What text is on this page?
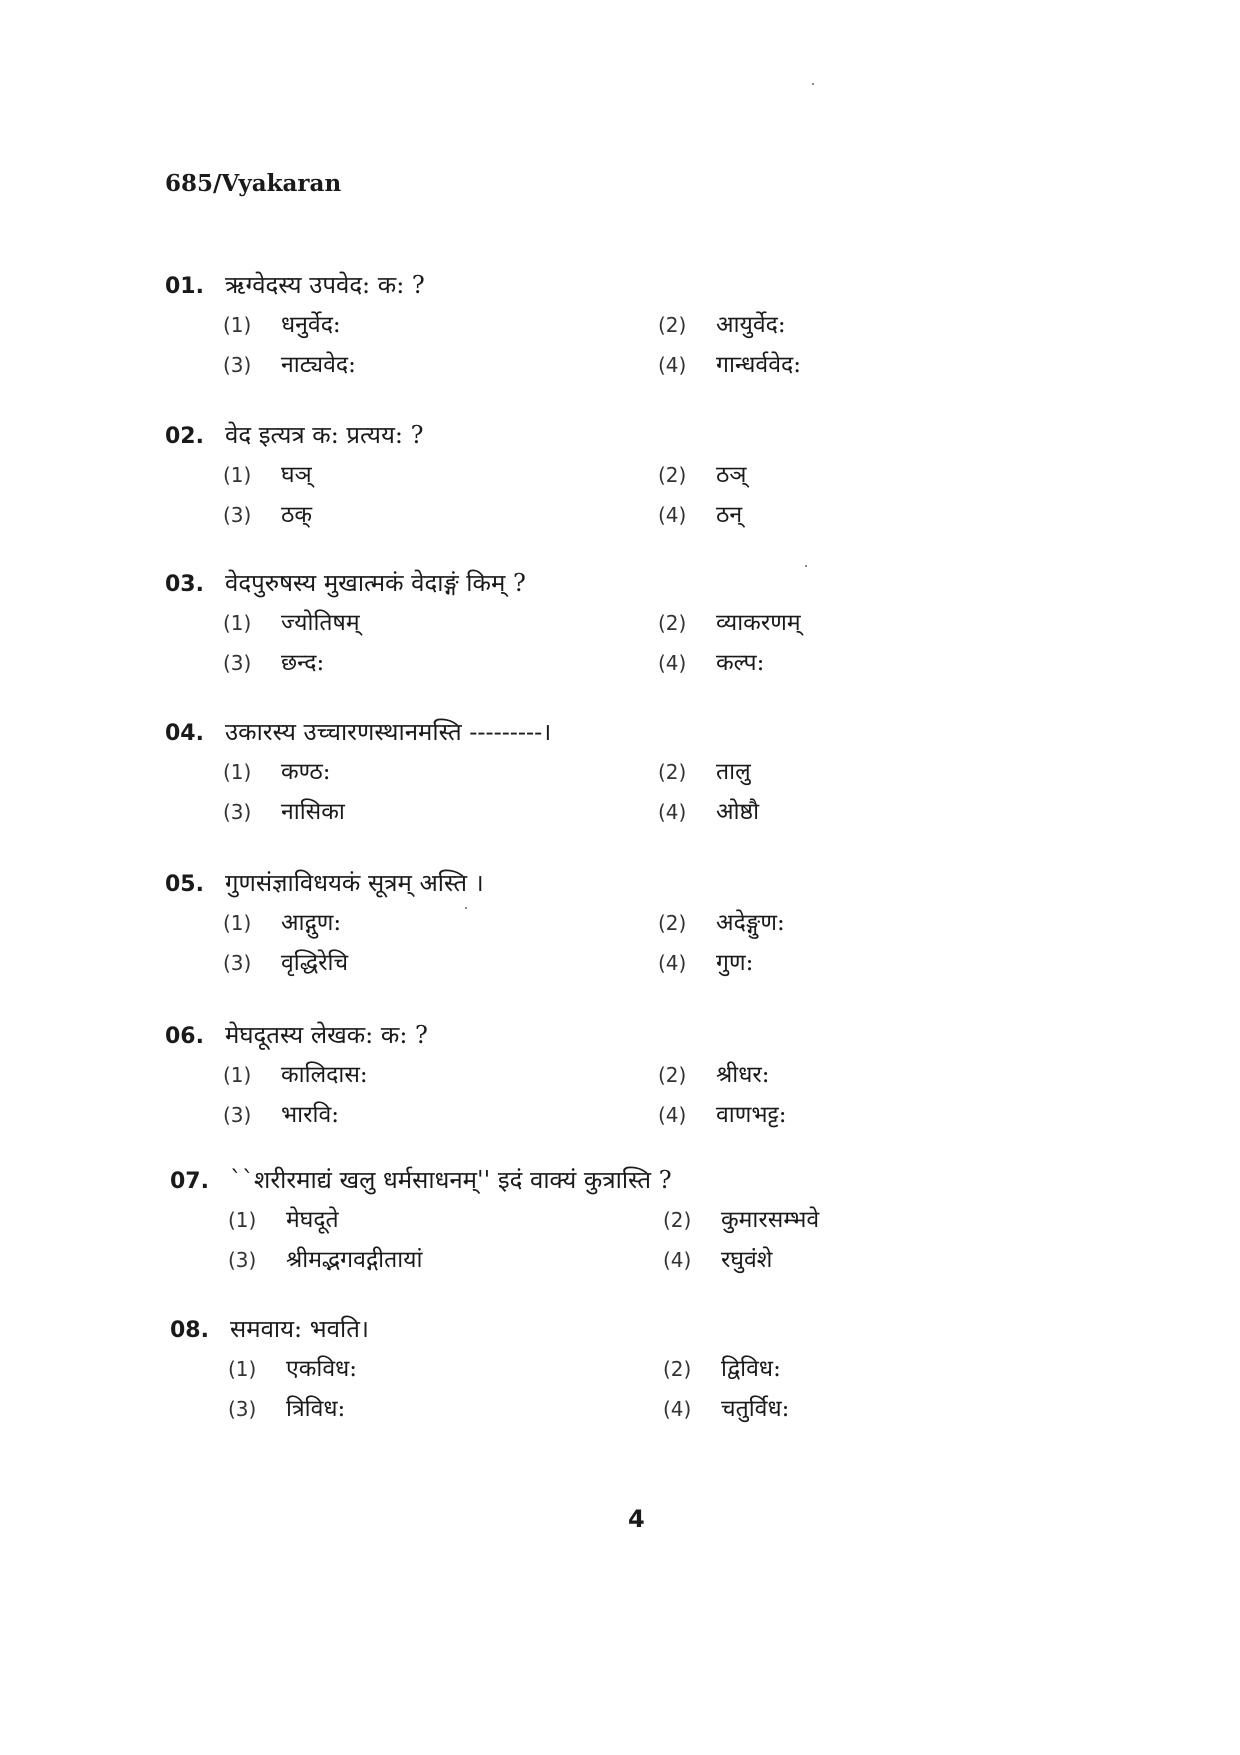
685/Vyakaran
01. ऋग्वेदस्य उपवेद: क: ?
(1)	धनुर्वेद:	(2)	आयुर्वेद:
(3)	नाट्यवेद:	(4)	गान्धर्ववेद:
02. वेद इत्यत्र क: प्रत्यय: ?
(1)	घञ्	(2)	ठञ्
(3)	ठक्	(4)	ठन्
03. वेदपुरुषस्य मुखात्मकं वेदाङ्गं किम् ?
(1)	ज्योतिषम्	(2)	व्याकरणम्
(3)	छन्द:	(4)	कल्प:
04. उकारस्य उच्चारणस्थानमस्ति ---------।
(1)	कण्ठ:	(2)	तालु
(3)	नासिका	(4)	ओष्ठौ
05. गुणसंज्ञाविधयकं सूत्रम् अस्ति ।
(1)	आद्गुण:	(2)	अदेङ्गुण:
(3)	वृद्धिरेचि	(4)	गुण:
06. मेघदूतस्य लेखक: क: ?
(1)	कालिदास:	(2)	श्रीधर:
(3)	भारवि:	(4)	वाणभट्ट:
07. ``शरीरमाद्यं खलु धर्मसाधनम्'' इदं वाक्यं कुत्रास्ति ?
(1)	मेघदूते	(2)	कुमारसम्भवे
(3)	श्रीमद्भगवद्गीतायां	(4)	रघुवंशे
08. समवाय: भवति।
(1)	एकविध:	(2)	द्विविध:
(3)	त्रिविध:	(4)	चतुर्विध:
4
